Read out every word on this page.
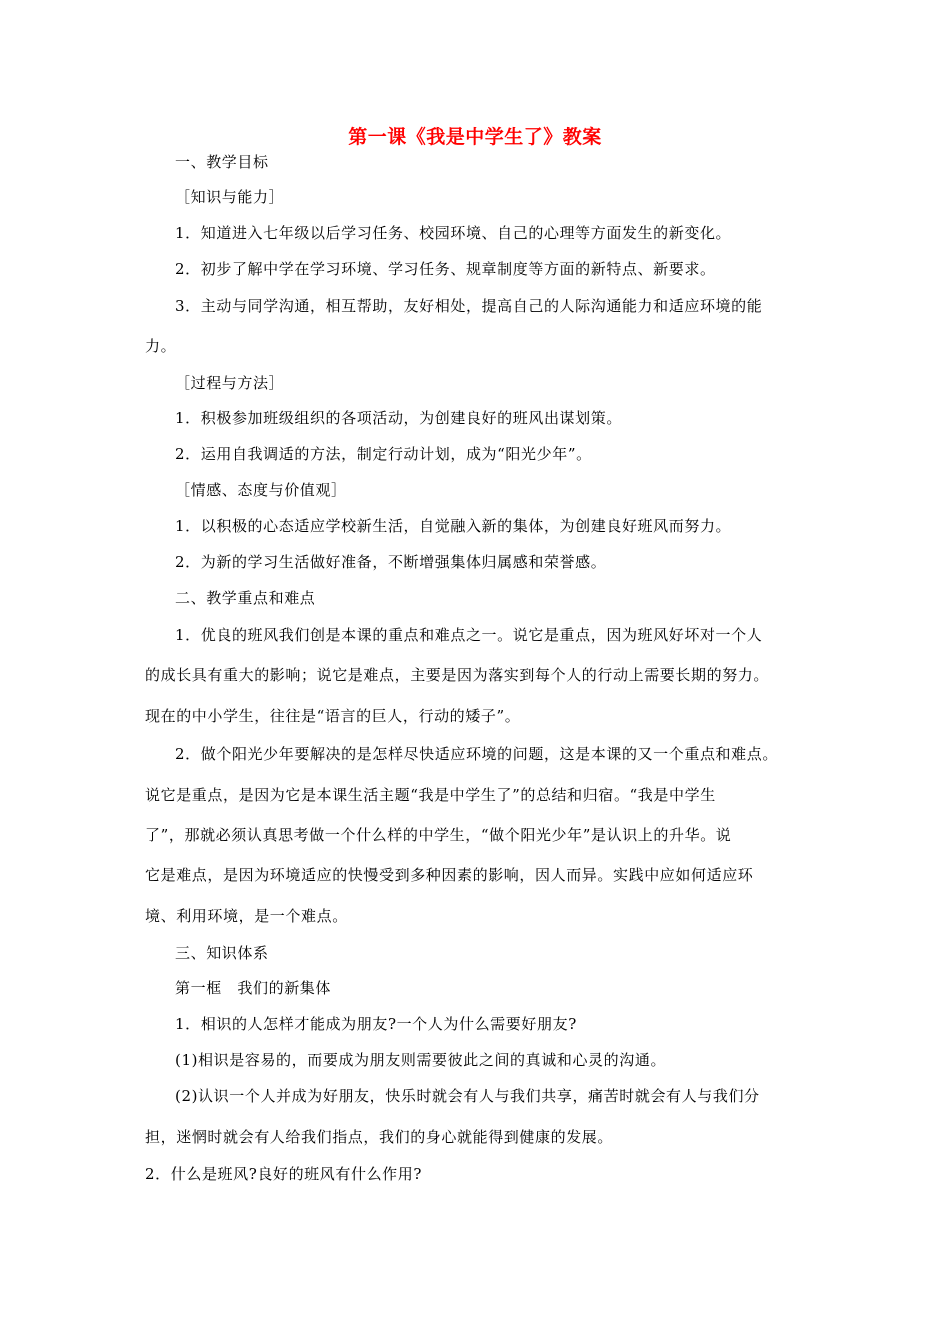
第一课《我是中学生了》教案
一、教学目标
［知识与能力］
1．知道进入七年级以后学习任务、校园环境、自己的心理等方面发生的新变化。
2．初步了解中学在学习环境、学习任务、规章制度等方面的新特点、新要求。
3．主动与同学沟通，相互帮助，友好相处，提高自己的人际沟通能力和适应环境的能
力。
［过程与方法］
1．积极参加班级组织的各项活动，为创建良好的班风出谋划策。
2．运用自我调适的方法，制定行动计划，成为“阳光少年”。
［情感、态度与价值观］
1．以积极的心态适应学校新生活，自觉融入新的集体，为创建良好班风而努力。
2．为新的学习生活做好准备，不断增强集体归属感和荣誉感。
二、教学重点和难点
1．优良的班风我们创是本课的重点和难点之一。说它是重点，因为班风好坏对一个人
的成长具有重大的影响；说它是难点，主要是因为落实到每个人的行动上需要长期的努力。
现在的中小学生，往往是“语言的巨人，行动的矮子”。
2．做个阳光少年要解决的是怎样尽快适应环境的问题，这是本课的又一个重点和难点。
说它是重点，是因为它是本课生活主题“我是中学生了”的总结和归宿。“我是中学生
了”，那就必须认真思考做一个什么样的中学生，“做个阳光少年”是认识上的升华。说
它是难点，是因为环境适应的快慢受到多种因素的影响，因人而异。实践中应如何适应环
境、利用环境，是一个难点。
三、知识体系
第一框　我们的新集体
1．相识的人怎样才能成为朋友?一个人为什么需要好朋友?
(1)相识是容易的，而要成为朋友则需要彼此之间的真诚和心灵的沟通。
(2)认识一个人并成为好朋友，快乐时就会有人与我们共享，痛苦时就会有人与我们分
担，迷惘时就会有人给我们指点，我们的身心就能得到健康的发展。
2．什么是班风?良好的班风有什么作用?
